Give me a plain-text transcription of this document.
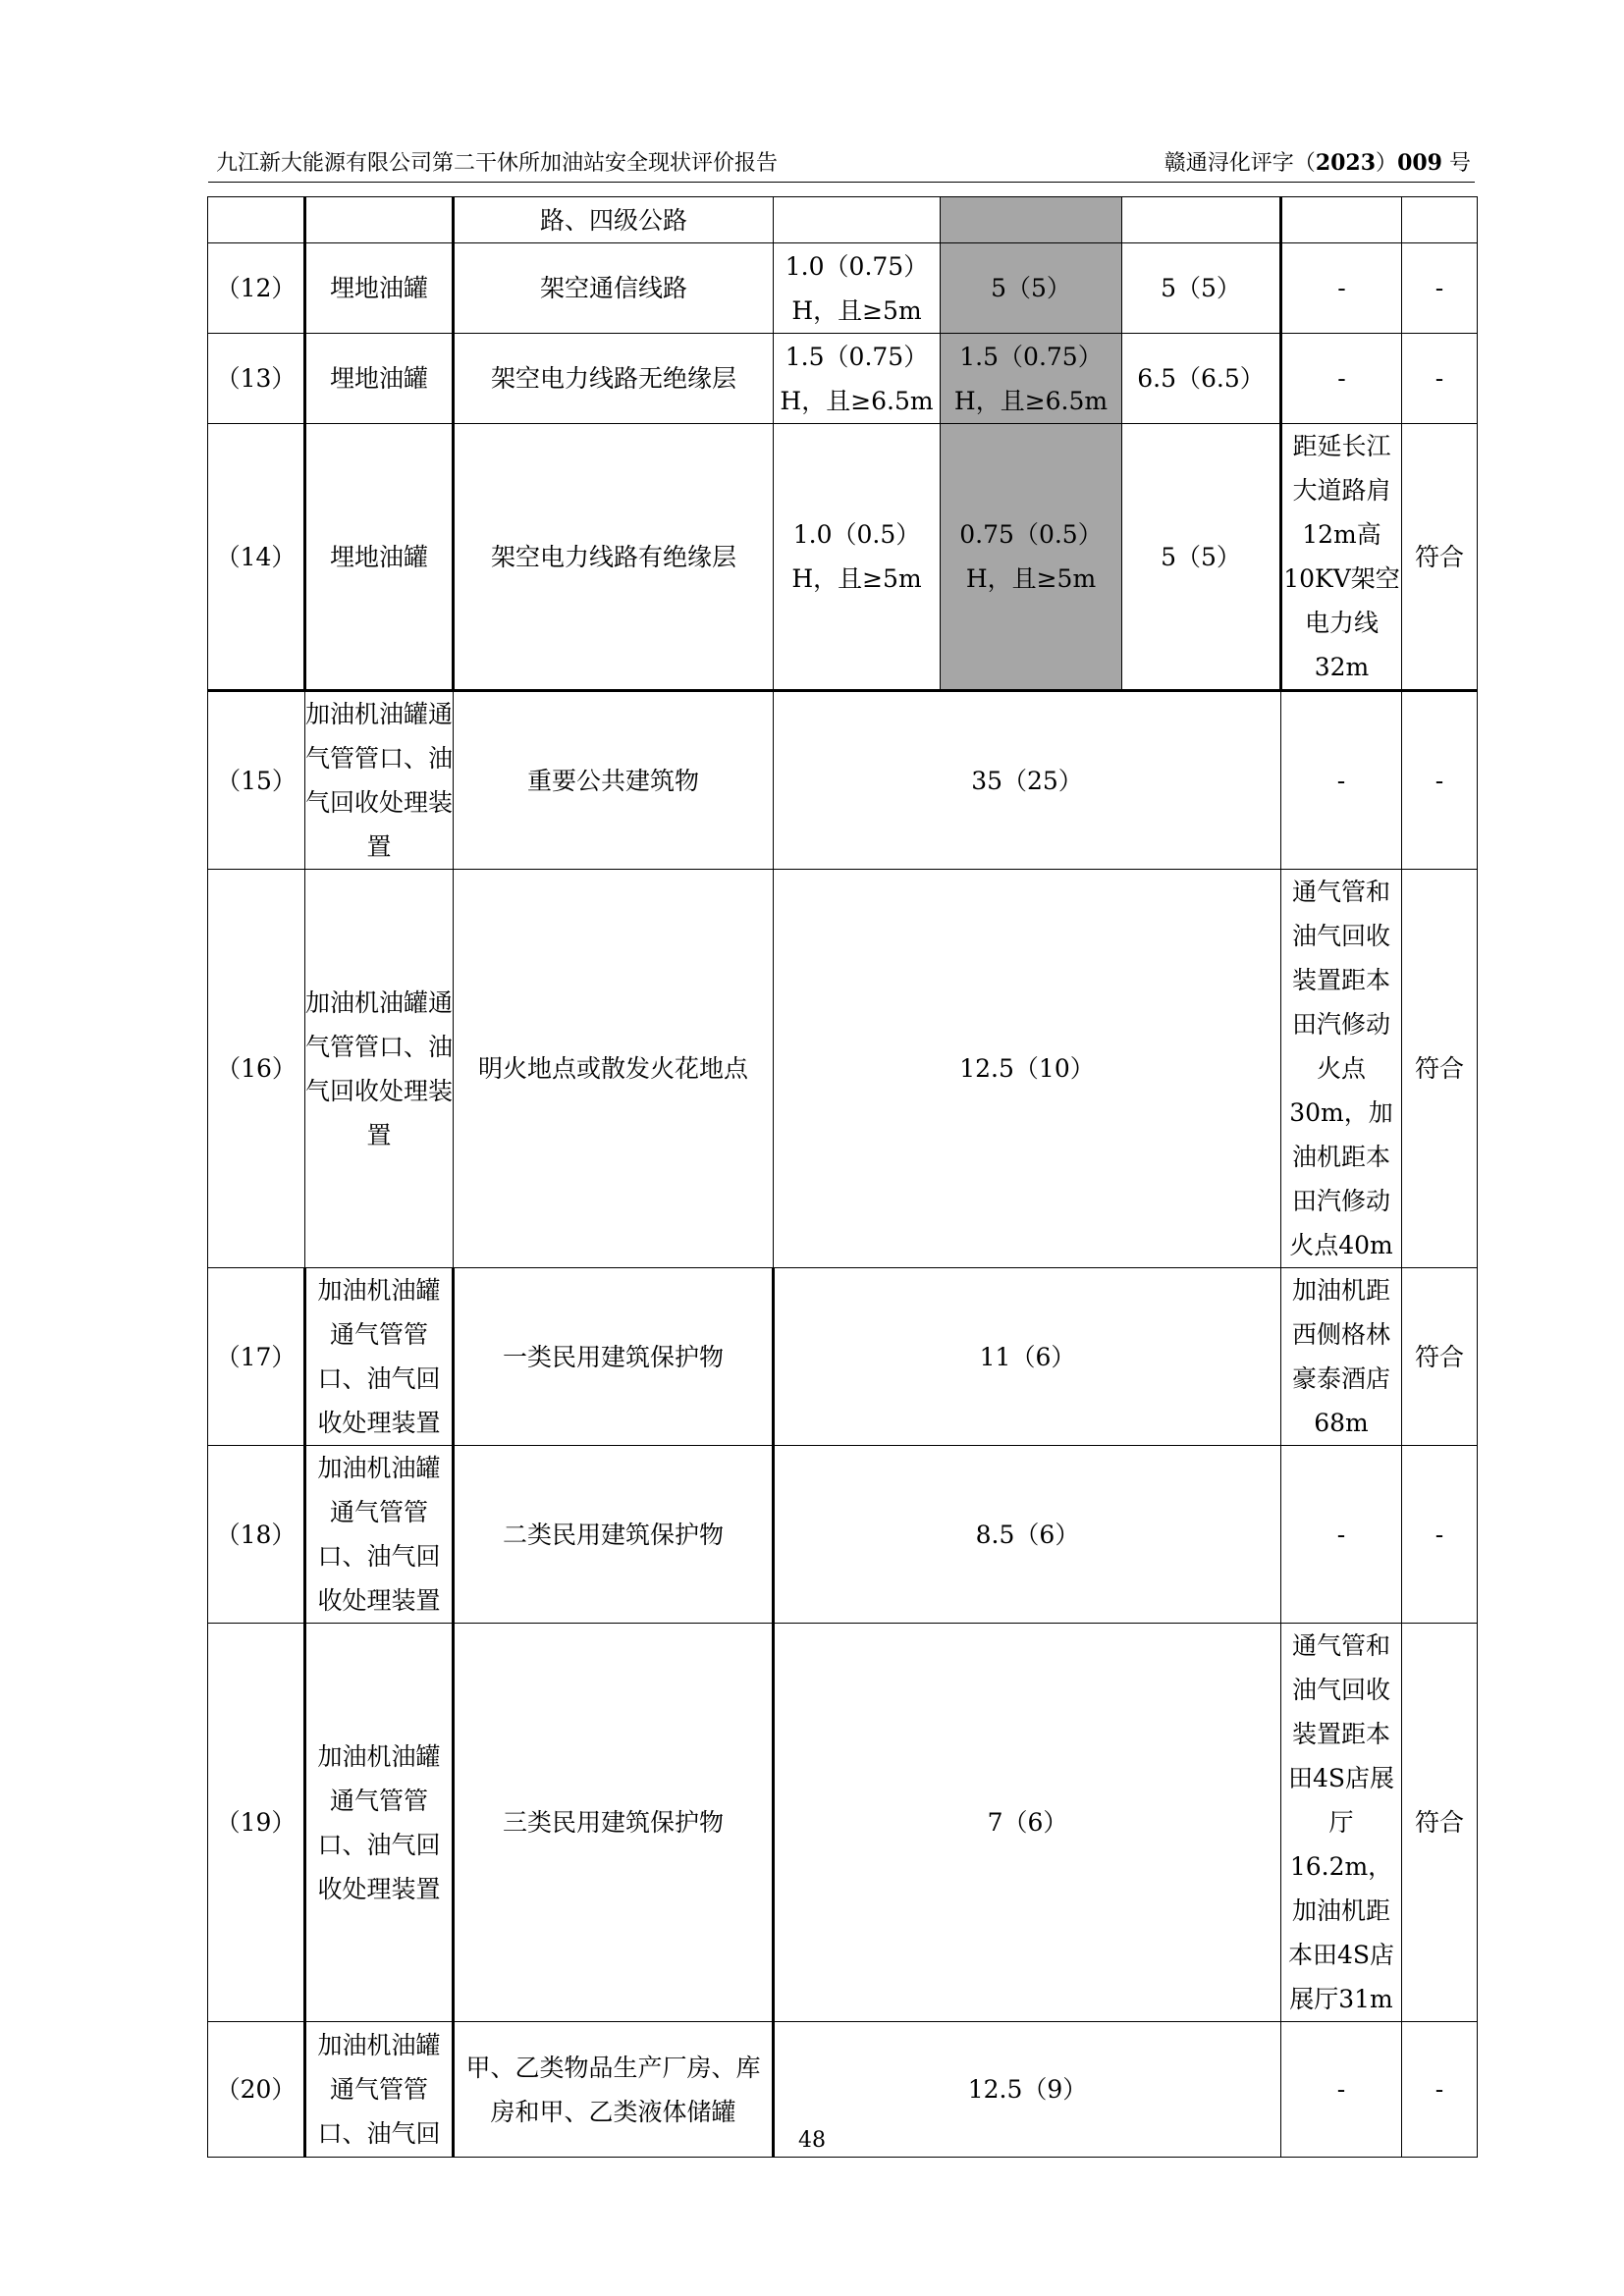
九江新大能源有限公司第二干休所加油站安全现状评价报告	赣通浔化评字（2023）009 号
		路、四级公路					
（12）	埋地油罐	架空通信线路	1.0（0.75）H，且≥5m	5（5）	5（5）	-	-
（13）	埋地油罐	架空电力线路无绝缘层	1.5（0.75）H，且≥6.5m	1.5（0.75）H，且≥6.5m	6.5（6.5）	-	-
（14）	埋地油罐	架空电力线路有绝缘层	1.0（0.5）H，且≥5m	0.75（0.5）H，且≥5m	5（5）	距延长江大道路肩12m高10KV架空电力线32m	符合
（15）	加油机油罐通气管管口、油气回收处理装置	重要公共建筑物	35（25）			-	-
（16）	加油机油罐通气管管口、油气回收处理装置	明火地点或散发火花地点	12.5（10）			通气管和油气回收装置距本田汽修动火点30m，加油机距本田汽修动火点40m	符合
（17）	加油机油罐通气管管口、油气回收处理装置	一类民用建筑保护物	11（6）			加油机距西侧格林豪泰酒店68m	符合
（18）	加油机油罐通气管管口、油气回收处理装置	二类民用建筑保护物	8.5（6）			-	-
（19）	加油机油罐通气管管口、油气回收处理装置	三类民用建筑保护物	7（6）			通气管和油气回收装置距本田4S店展厅16.2m，加油机距本田4S店展厅31m	符合
（20）	加油机油罐通气管管口、油气回	甲、乙类物品生产厂房、库房和甲、乙类液体储罐	12.5（9）			-	-
48
